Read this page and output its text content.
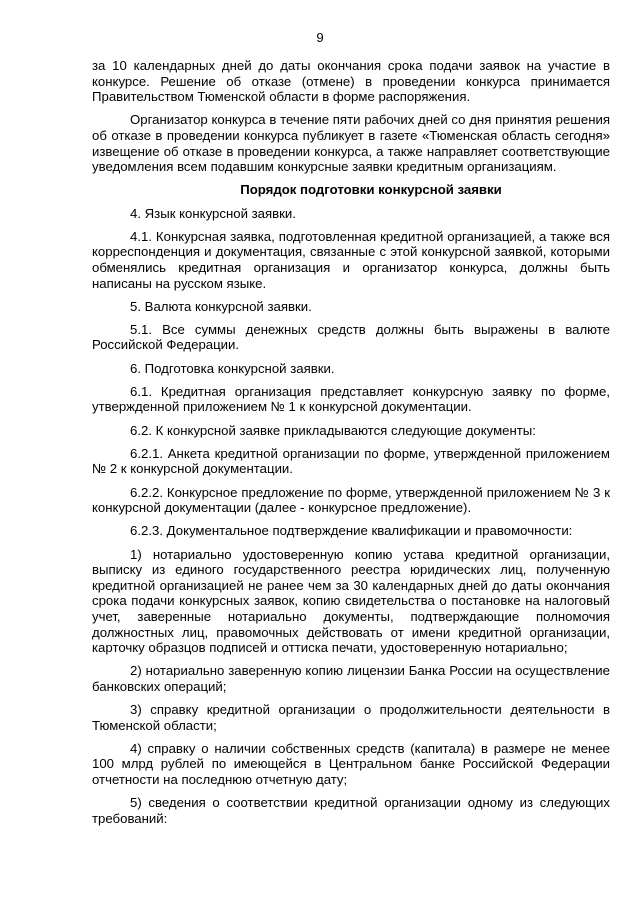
9

за 10 календарных дней до даты окончания срока подачи заявок на участие в конкурсе. Решение об отказе (отмене) в проведении конкурса принимается Правительством Тюменской области в форме распоряжения.

Организатор конкурса в течение пяти рабочих дней со дня принятия решения об отказе в проведении конкурса публикует в газете «Тюменская область сегодня» извещение об отказе в проведении конкурса, а также направляет соответствующие уведомления всем подавшим конкурсные заявки кредитным организациям.

Порядок подготовки конкурсной заявки

4. Язык конкурсной заявки.

4.1. Конкурсная заявка, подготовленная кредитной организацией, а также вся корреспонденция и документация, связанные с этой конкурсной заявкой, которыми обменялись кредитная организация и организатор конкурса, должны быть написаны на русском языке.

5. Валюта конкурсной заявки.

5.1. Все суммы денежных средств должны быть выражены в валюте Российской Федерации.

6. Подготовка конкурсной заявки.

6.1. Кредитная организация представляет конкурсную заявку по форме, утвержденной приложением № 1 к конкурсной документации.

6.2. К конкурсной заявке прикладываются следующие документы:

6.2.1. Анкета кредитной организации по форме, утвержденной приложением № 2 к конкурсной документации.

6.2.2. Конкурсное предложение по форме, утвержденной приложением № 3 к конкурсной документации (далее - конкурсное предложение).

6.2.3. Документальное подтверждение квалификации и правомочности:

1) нотариально удостоверенную копию устава кредитной организации, выписку из единого государственного реестра юридических лиц, полученную кредитной организацией не ранее чем за 30 календарных дней до даты окончания срока подачи конкурсных заявок, копию свидетельства о постановке на налоговый учет, заверенные нотариально документы, подтверждающие полномочия должностных лиц, правомочных действовать от имени кредитной организации, карточку образцов подписей и оттиска печати, удостоверенную нотариально;

2) нотариально заверенную копию лицензии Банка России на осуществление банковских операций;

3) справку кредитной организации о продолжительности деятельности в Тюменской области;

4) справку о наличии собственных средств (капитала) в размере не менее 100 млрд рублей по имеющейся в Центральном банке Российской Федерации отчетности на последнюю отчетную дату;

5) сведения о соответствии кредитной организации одному из следующих требований:
